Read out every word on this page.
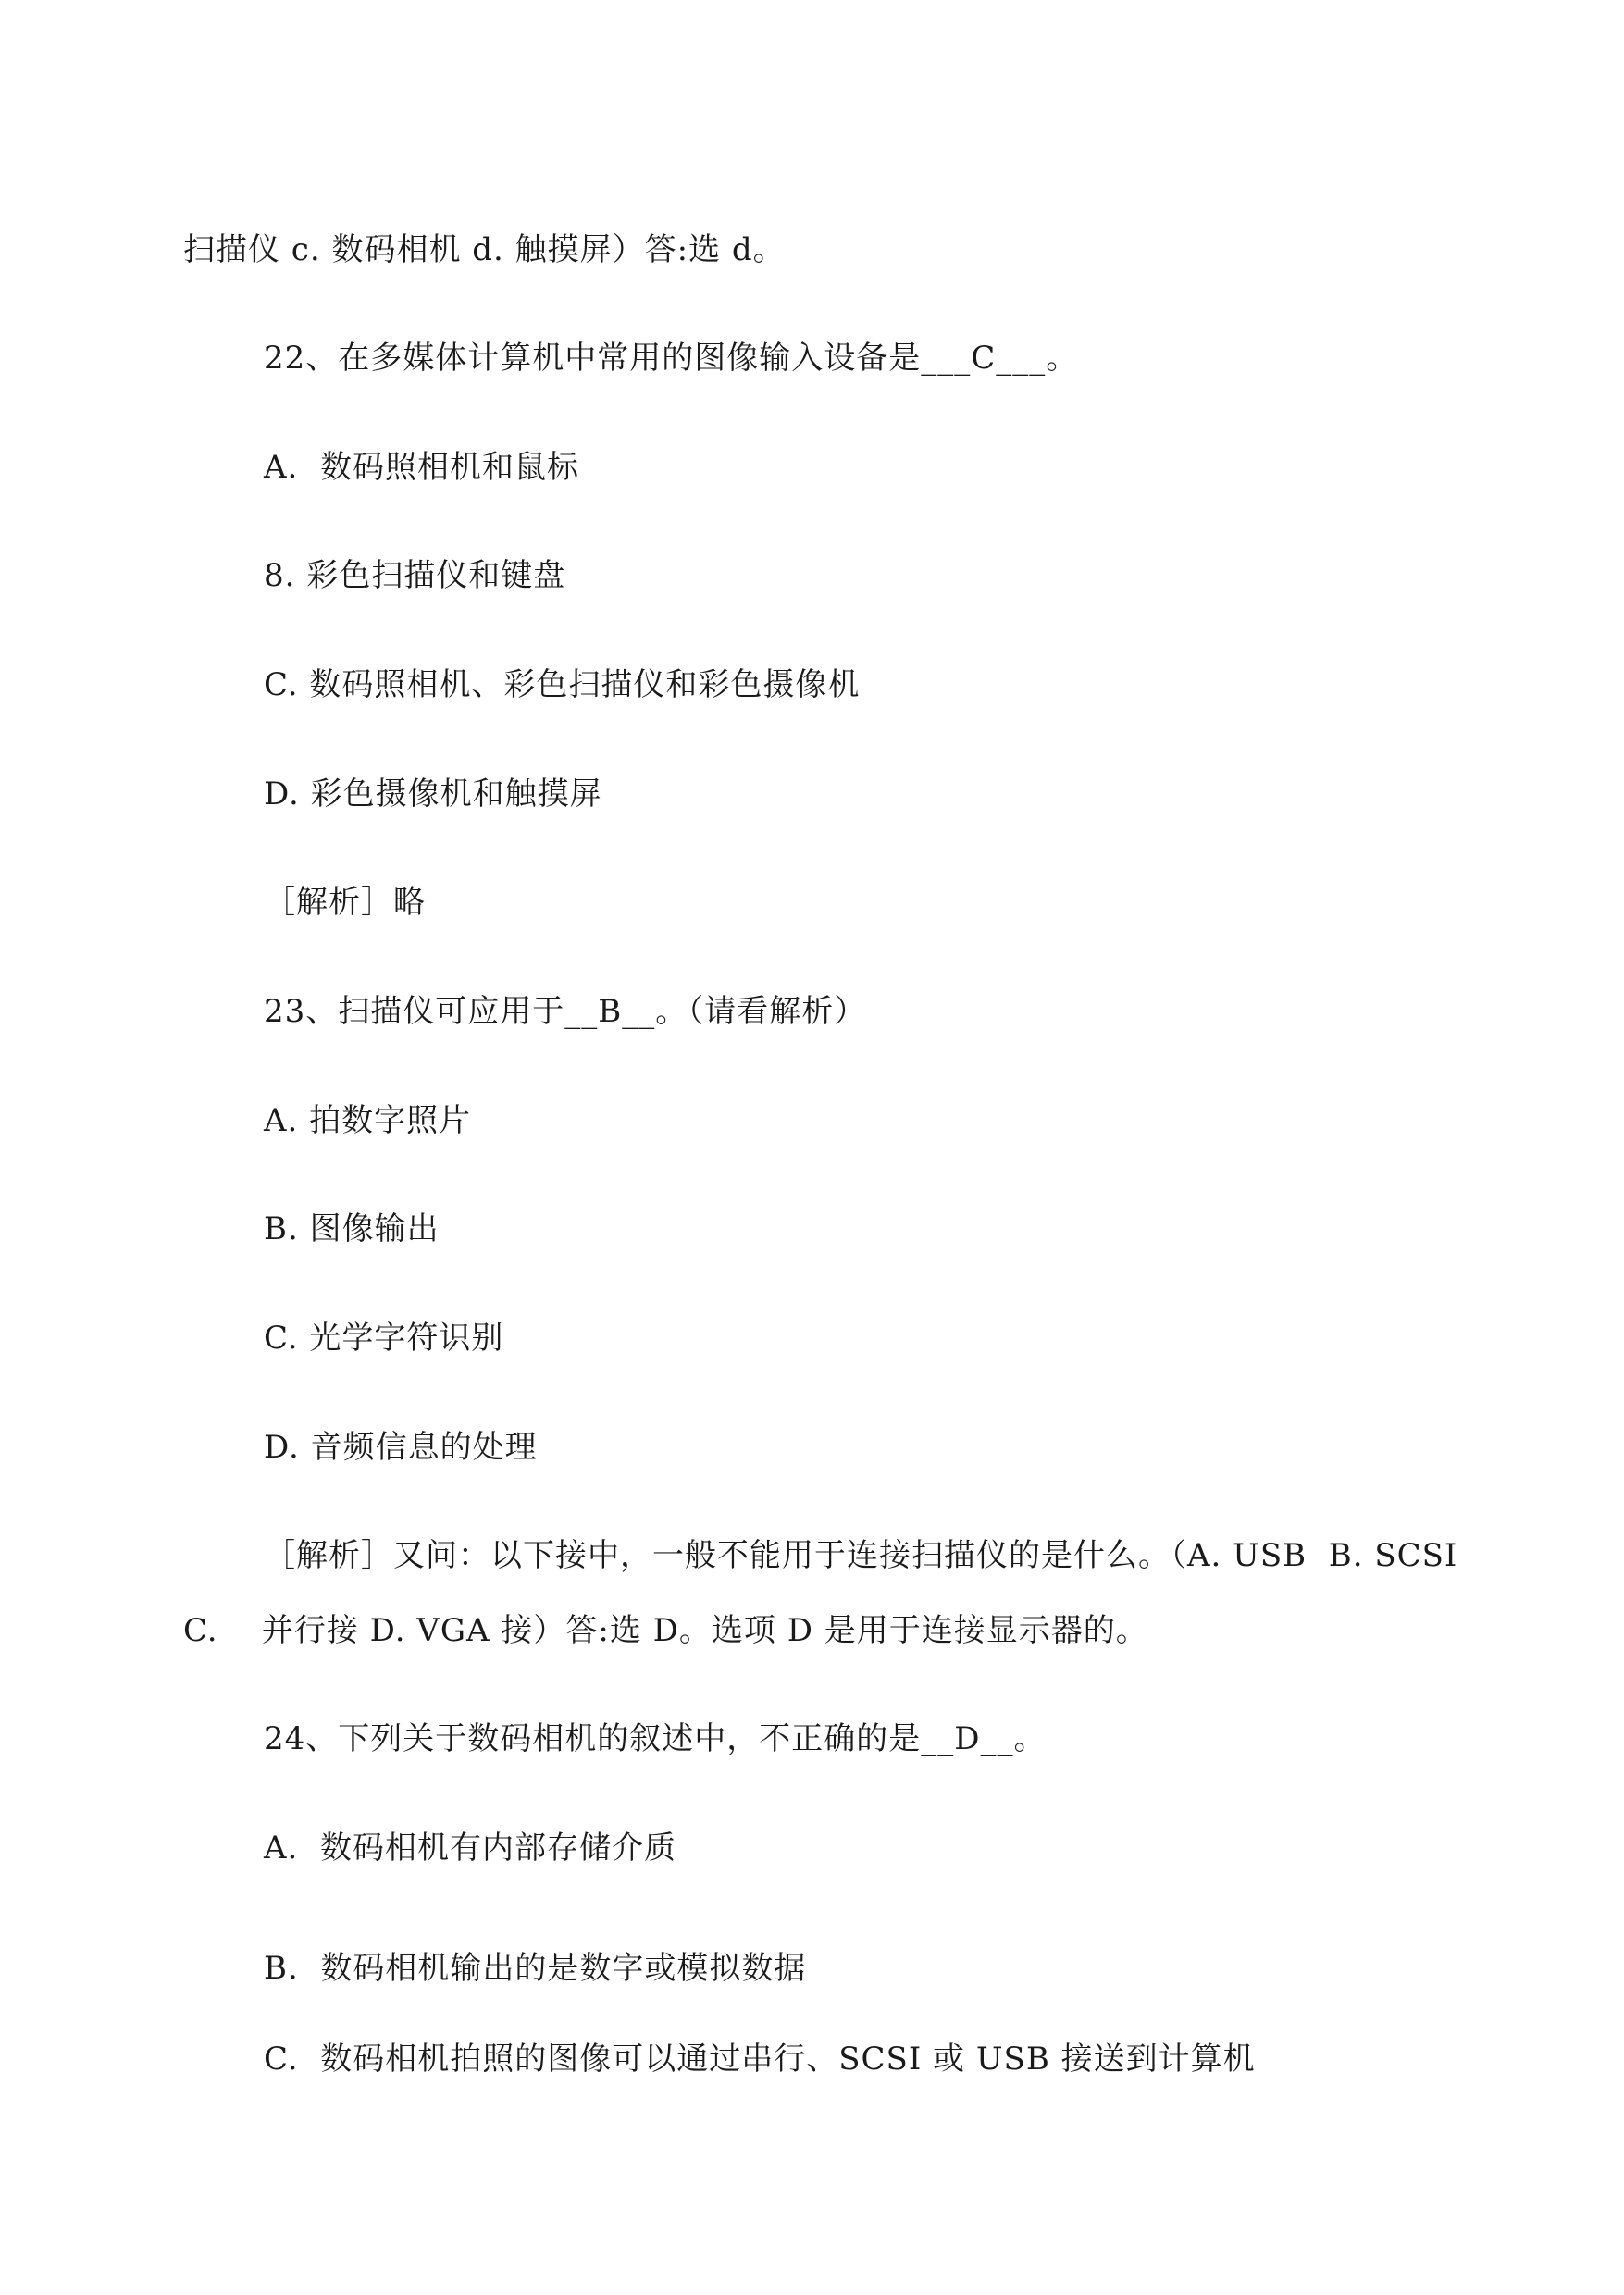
扫描仪 c. 数码相机 d. 触摸屏）答:选 d。
22、在多媒体计算机中常用的图像输入设备是___C___。
A.  数码照相机和鼠标
8. 彩色扫描仪和键盘
C. 数码照相机、彩色扫描仪和彩色摄像机
D. 彩色摄像机和触摸屏
［解析］略
23、扫描仪可应用于__B__。（请看解析）
A. 拍数字照片
B. 图像输出
C. 光学字符识别
D. 音频信息的处理
［解析］又问：以下接中，一般不能用于连接扫描仪的是什么。（A. USB  B. SCSI
C.    并行接 D. VGA 接）答:选 D。选项 D 是用于连接显示器的。
24、下列关于数码相机的叙述中，不正确的是__D__。
A.  数码相机有内部存储介质
B.  数码相机输出的是数字或模拟数据
C.  数码相机拍照的图像可以通过串行、SCSI 或 USB 接送到计算机
